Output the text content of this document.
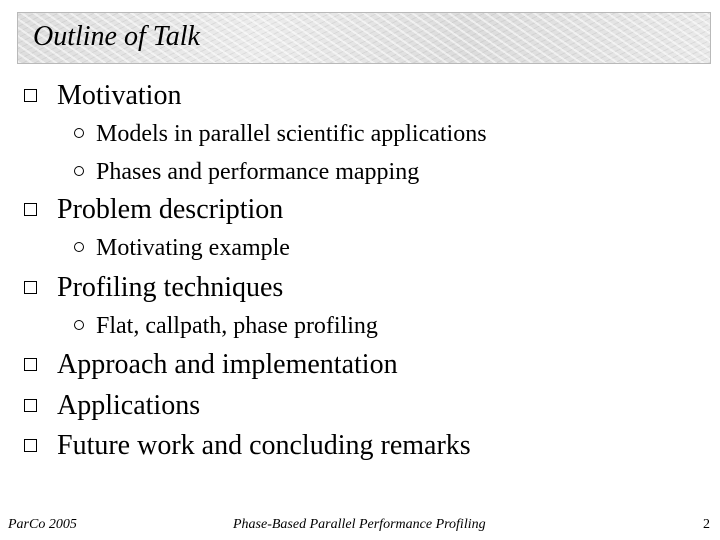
Outline of Talk
Motivation
Models in parallel scientific applications
Phases and performance mapping
Problem description
Motivating example
Profiling techniques
Flat, callpath, phase profiling
Approach and implementation
Applications
Future work and concluding remarks
ParCo 2005	Phase-Based Parallel Performance Profiling	2
